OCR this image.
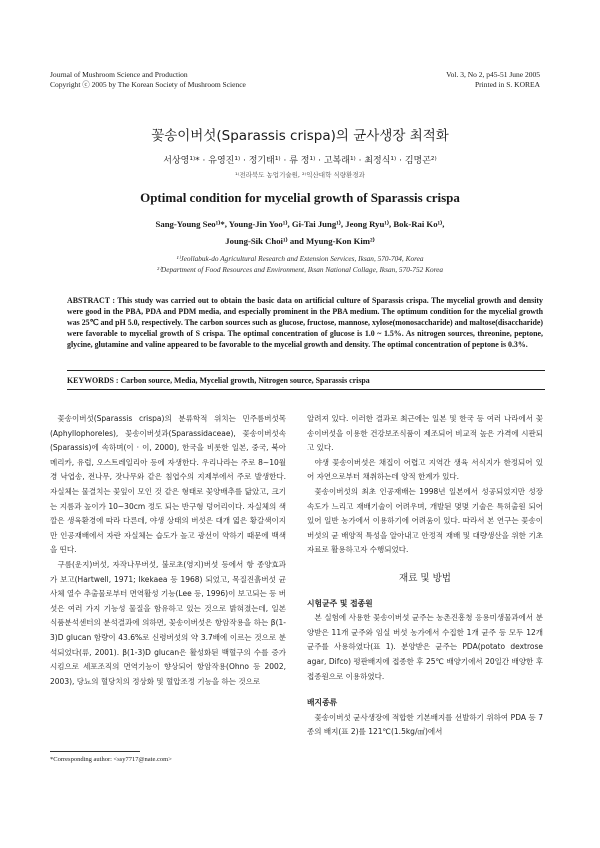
Journal of Mushroom Science and Production
Copyright ⓒ 2005 by The Korean Society of Mushroom Science
Vol. 3, No 2, p45-51 June 2005
Printed in S. KOREA
꽃송이버섯(Sparassis crispa)의 균사생장 최적화
서상영¹⁾* · 유영진¹⁾ · 정기태¹⁾ · 류 정¹⁾ · 고복래¹⁾ · 최정식¹⁾ · 김명곤²⁾
¹⁾전라북도 농업기술원, ²⁾익산대학 식량환경과
Optimal condition for mycelial growth of Sparassis crispa
Sang-Young Seo¹⁾*, Young-Jin Yoo¹⁾, Gi-Tai Jung¹⁾, Jeong Ryu¹⁾, Bok-Rai Ko¹⁾,
Joung-Sik Choi¹⁾ and Myung-Kon Kim²⁾
¹⁾Jeollabuk-do Agricultural Research and Extension Services, Iksan, 570-704, Korea
²⁾Department of Food Resources and Environment, Iksan National Collage, Iksan, 570-752 Korea
ABSTRACT : This study was carried out to obtain the basic data on artificial culture of Sparassis crispa. The mycelial growth and density were good in the PBA, PDA and PDM media, and especially prominent in the PBA medium. The optimum condition for the mycelial growth was 25℃ and pH 5.0, respectively. The carbon sources such as glucose, fructose, mannose, xylose(monosaccharide) and maltose(disaccharide) were favorable to mycelial growth of S crispa. The optimal concentration of glucose is 1.0 ~ 1.5%. As nitrogen sources, threonine, peptone, glycine, glutamine and valine appeared to be favorable to the mycelial growth and density. The optimal concentration of peptone is 0.3%.
KEYWORDS : Carbon source, Media, Mycelial growth, Nitrogen source, Sparassis crispa

꽃송이버섯(Sparassis crispa)의 분류학적 위치는 민주름버섯목(Aphyllophoreles), 꽃송이버섯과(Sparassidaceae), 꽃송이버섯속(Sparassis)에 속하며(이 · 이, 2000), 한국을 비롯한 일본, 중국, 북아메리카, 유럽, 오스트레일리아 등에 자생한다. 우리나라는 주로 8~10월경 낙엽송, 전나무, 잣나무와 같은 침엽수의 지제부에서 주로 발생한다. 자실체는 물결치는 꽃잎이 모인 것 같은 형태로 꽃양배추를 닮았고, 크기는 지름과 높이가 10~30cm 정도 되는 반구형 덩어리이다. 자실체의 색깔은 생육환경에 따라 다른데, 야생 상태의 버섯은 대개 엷은 황갈색이지만 인공재배에서 자란 자실체는 습도가 높고 광선이 약하기 때문에 백색을 띤다.

구름(운지)버섯, 자작나무버섯, 불로초(영지)버섯 등에서 항 종양효과가 보고(Hartwell, 1971; Ikekaea 등 1968) 되었고, 목질진흙버섯 균사체 열수 추출물로부터 면역활성 기능(Lee 등, 1996)이 보고되는 등 버섯은 여러 가지 기능성 물질을 함유하고 있는 것으로 밝혀졌는데, 일본 식품분석센터의 분석결과에 의하면, 꽃송이버섯은 항암작용을 하는 β(1-3)D glucan 함량이 43.6%로 신령버섯의 약 3.7배에 이르는 것으로 분석되었다(류, 2001). β(1-3)D glucan은 활성화된 백혈구의 수를 증가시킴으로 세포조직의 면역기능이 향상되어 항암작용(Ohno 등 2002, 2003), 당뇨의 혈당치의 정상화 및 혈압조정 기능을 하는 것으로

알려져 있다. 이러한 결과로 최근에는 일본 및 한국 등 여러 나라에서 꽃송이버섯을 이용한 건강보조식품이 제조되어 비교적 높은 가격에 시판되고 있다.

야생 꽃송이버섯은 채집이 어렵고 지역간 생육 서식지가 한정되어 있어 자연으로부터 채취하는데 양적 한계가 있다.

꽃송이버섯의 최초 인공재배는 1998년 일본에서 성공되었지만 성장속도가 느리고 재배기술이 어려우며, 개발된 몇몇 기술은 특허출원 되어 있어 일반 농가에서 이용하기에 어려움이 있다. 따라서 본 연구는 꽃송이버섯의 균 배양적 특성을 알아내고 안정적 재배 및 대량생산을 위한 기초 자료로 활용하고자 수행되었다.

재료 및 방법
시험균주 및 접종원

본 실험에 사용한 꽃송이버섯 균주는 농촌진흥청 응용미생물과에서 분양받은 11개 균주와 임실 버섯 농가에서 수집한 1개 균주 등 모두 12개 균주를 사용하였다(표 1). 분양받은 균주는 PDA(potato dextrose agar, Difco) 평판배지에 접종한 후 25℃ 배양기에서 20일간 배양한 후 접종원으로 이용하였다.

배지종류

꽃송이버섯 균사생장에 적합한 기본배지를 선발하기 위하여 PDA 등 7종의 배지(표 2)를 121℃(1.5kg/㎠)에서

*Corresponding author: <ssy7717@nate.com>
